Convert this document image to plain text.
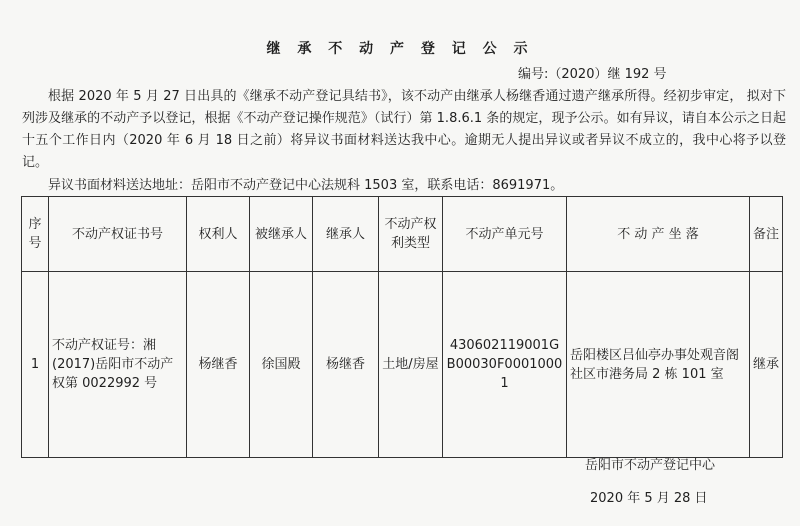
继 承 不 动 产 登 记 公 示
编号:（2020）继 192 号
根据 2020 年 5 月 27 日出具的《继承不动产登记具结书》，该不动产由继承人杨继香通过遗产继承所得。经初步审定， 拟对下列涉及继承的不动产予以登记，根据《不动产登记操作规范》（试行）第 1.8.6.1 条的规定，现予公示。如有异议，请自本公示之日起十五个工作日内（2020 年 6 月 18 日之前）将异议书面材料送达我中心。逾期无人提出异议或者异议不成立的，我中心将予以登记。
异议书面材料送达地址：岳阳市不动产登记中心法规科 1503 室，联系电话：8691971。
序号	不动产权证书号	权利人	被继承人	继承人	不动产权利类型	不动产单元号	不 动 产 坐 落	备注
1	不动产权证号：湘(2017)岳阳市不动产权第 0022992 号	杨继香	徐国殿	杨继香	土地/房屋	430602119001GB00030F00010001	岳阳楼区吕仙亭办事处观音阁社区市港务局 2 栋 101 室	继承
岳阳市不动产登记中心
2020 年 5 月 28 日
